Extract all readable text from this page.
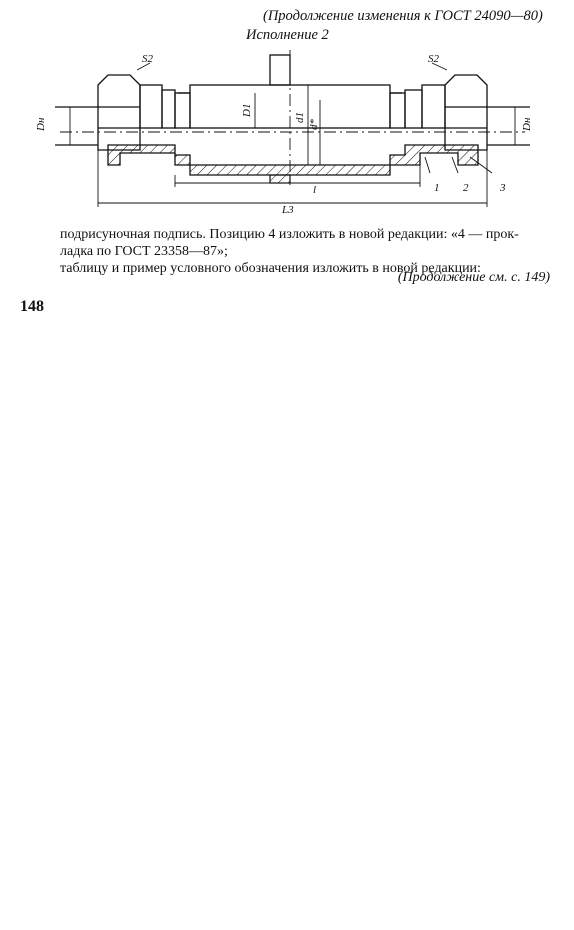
(Продолжение изменения к ГОСТ 24090—80)
Исполнение 2
S2	S2
Dн	Dн
D1
d1
d*
l
L3
1 2	3
подрисуночная подпись. Позицию 4 изложить в новой редакции: «4 — прок-
ладка по ГОСТ 23358—87»;
таблицу и пример условного обозначения изложить в новой редакции:
(Продолжение см. с. 149)
148
